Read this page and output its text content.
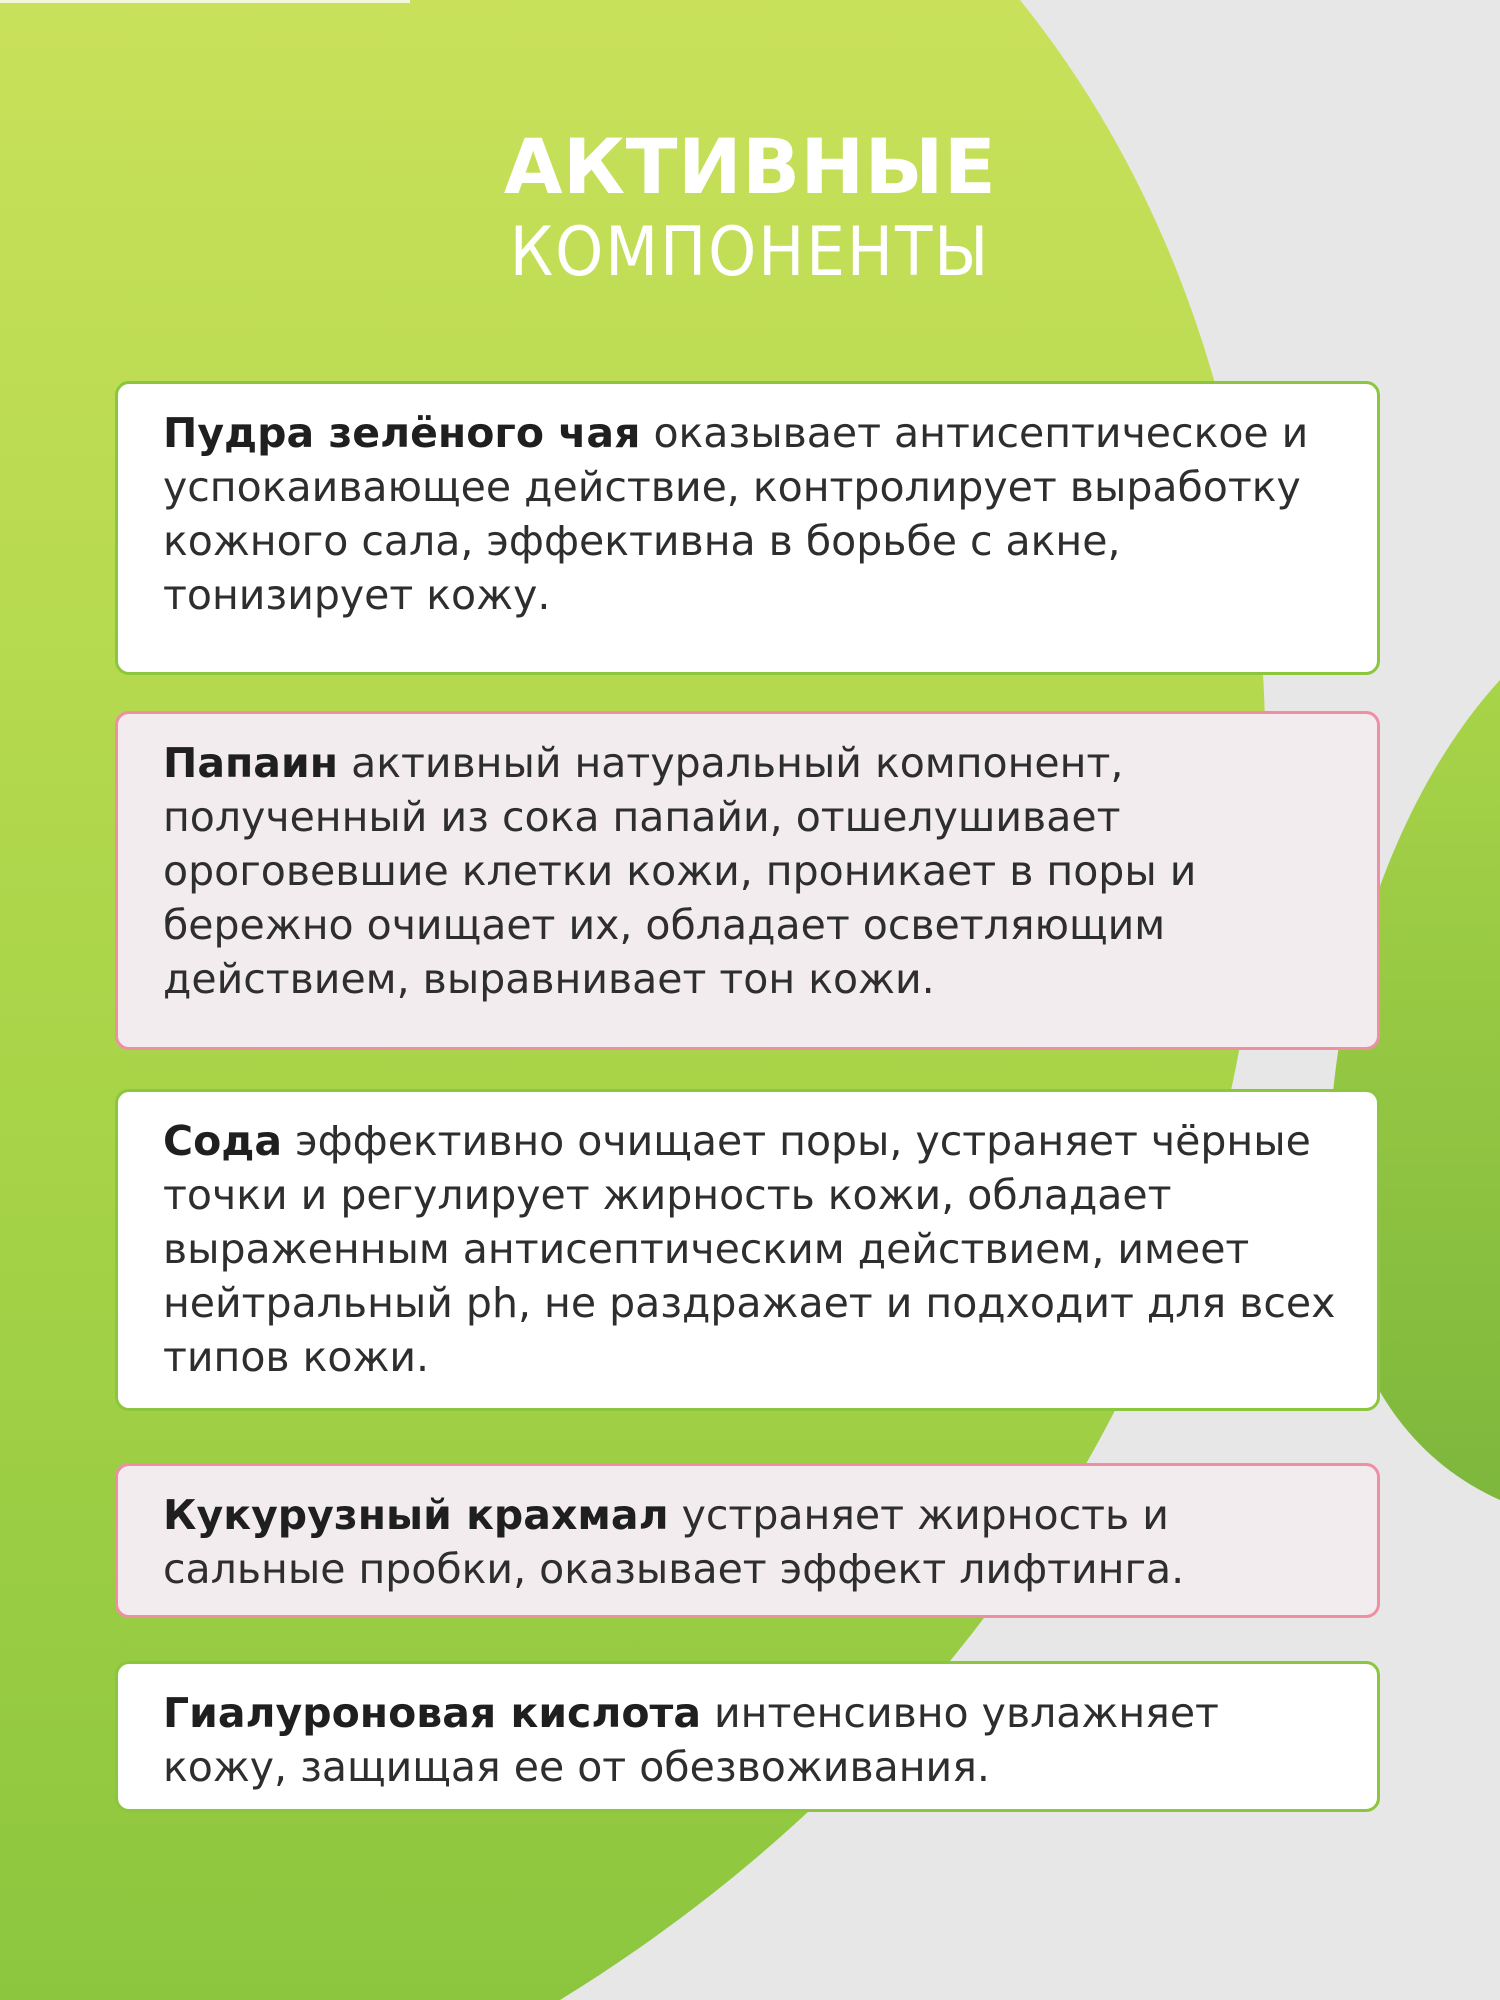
АКТИВНЫЕ
КОМПОНЕНТЫ

Пудра зелёного чая оказывает антисептическое и успокаивающее действие, контролирует выработку кожного сала, эффективна в борьбе с акне, тонизирует кожу.

Папаин активный натуральный компонент, полученный из сока папайи, отшелушивает ороговевшие клетки кожи, проникает в поры и бережно очищает их, обладает осветляющим действием, выравнивает тон кожи.

Сода эффективно очищает поры, устраняет чёрные точки и регулирует жирность кожи, обладает выраженным антисептическим действием, имеет нейтральный ph, не раздражает и подходит для всех типов кожи.

Кукурузный крахмал устраняет жирность и сальные пробки, оказывает эффект лифтинга.

Гиалуроновая кислота интенсивно увлажняет кожу, защищая ее от обезвоживания.
